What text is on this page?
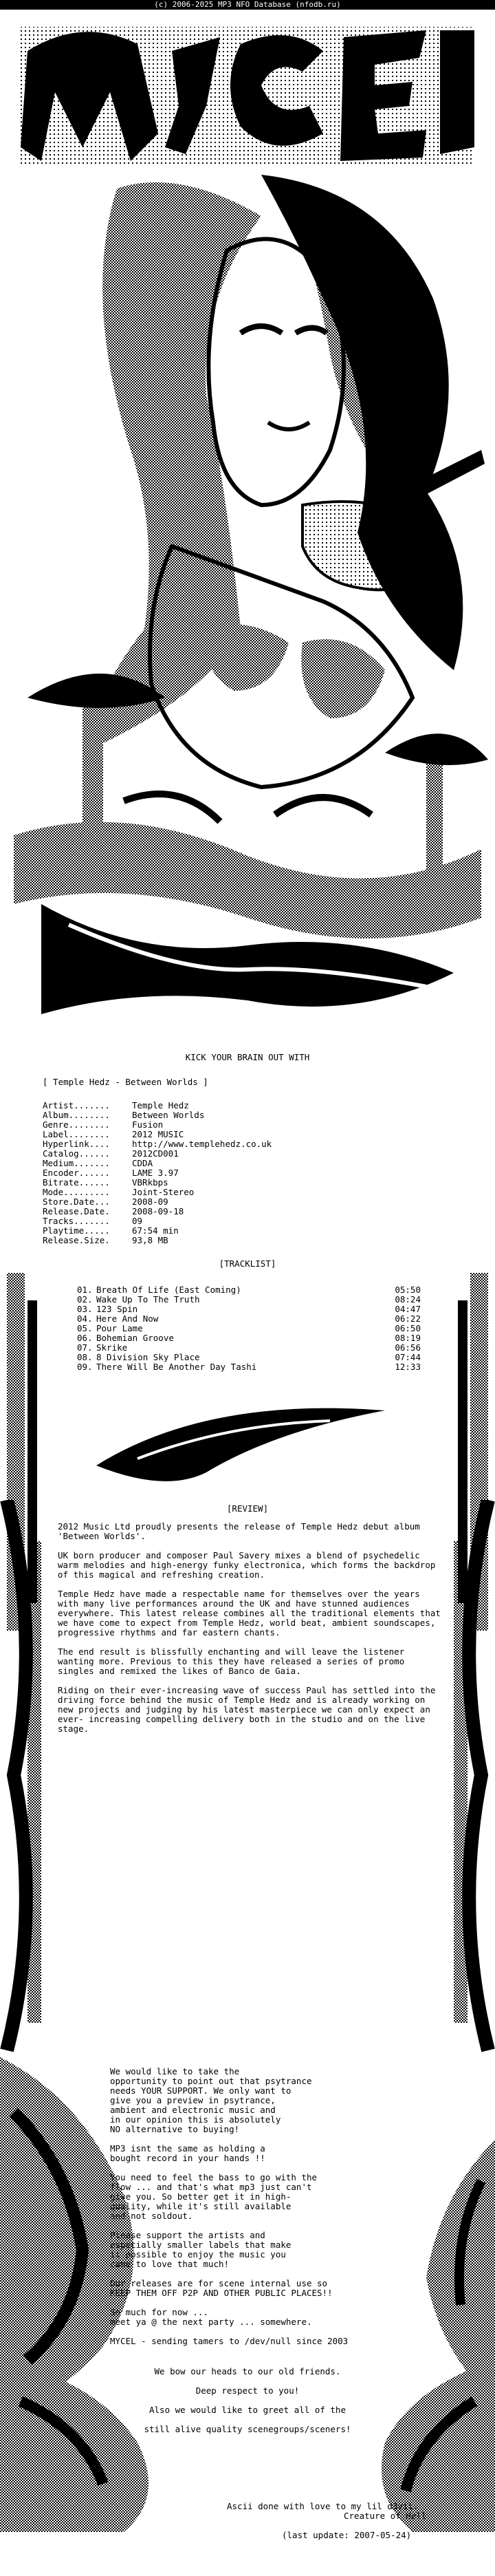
(c) 2006-2025 MP3 NFO Database (nfodb.ru)
KICK YOUR BRAIN OUT WITH
[ Temple Hedz - Between Worlds ]
Artist.......	Temple Hedz
Album........	Between Worlds
Genre........	Fusion
Label........	2012 MUSIC
Hyperlink....	http://www.templehedz.co.uk
Catalog......	2012CD001
Medium.......	CDDA
Encoder......	LAME 3.97
Bitrate......	VBRkbps
Mode.........	Joint-Stereo
Store.Date...	2008-09
Release.Date.	2008-09-18
Tracks.......	09
Playtime.....	67:54 min
Release.Size.	93,8 MB
[TRACKLIST]
01. Breath Of Life (East Coming)	05:50
02. Wake Up To The Truth	08:24
03. 123 Spin	04:47
04. Here And Now	06:22
05. Pour Lame	06:50
06. Bohemian Groove	08:19
07. Skrike	06:56
08. 8 Division Sky Place	07:44
09. There Will Be Another Day Tashi	12:33
[REVIEW]

2012 Music Ltd proudly presents the release of Temple Hedz debut album 'Between Worlds'.

UK born producer and composer Paul Savery mixes a blend of psychedelic warm melodies and high-energy funky electronica, which forms the backdrop of this magical and refreshing creation.

Temple Hedz have made a respectable name for themselves over the years with many live performances around the UK and have stunned audiences everywhere. This latest release combines all the traditional elements that we have come to expect from Temple Hedz, world beat, ambient soundscapes, progressive rhythms and far eastern chants.

The end result is blissfully enchanting and will leave the listener wanting more. Previous to this they have released a series of promo singles and remixed the likes of Banco de Gaia.

Riding on their ever-increasing wave of success Paul has settled into the driving force behind the music of Temple Hedz and is already working on new projects and judging by his latest masterpiece we can only expect an ever- increasing compelling delivery both in the studio and on the live stage.

We would like to take the
opportunity to point out that psytrance
needs YOUR SUPPORT. We only want to
give you a preview in psytrance,
ambient and electronic music and
in our opinion this is absolutely
NO alternative to buying!

MP3 isnt the same as holding a
bought record in your hands !!

You need to feel the bass to go with the
flow ... and that's what mp3 just can't
give you. So better get it in high-
quality, while it's still available
and not soldout.

Please support the artists and
especially smaller labels that make
it possible to enjoy the music you
came to love that much!

Our releases are for scene internal use so
KEEP THEM OFF P2P AND OTHER PUBLIC PLACES!!

So much for now ...
meet ya @ the next party ... somewhere.

MYCEL - sending tamers to /dev/null since 2003
We bow our heads to our old friends.

Deep respect to you!

Also we would like to greet all of the

still alive quality scenegroups/sceners!
Ascii done with love to my lil d3vil.
Creature of Hell
(last update: 2007-05-24)
